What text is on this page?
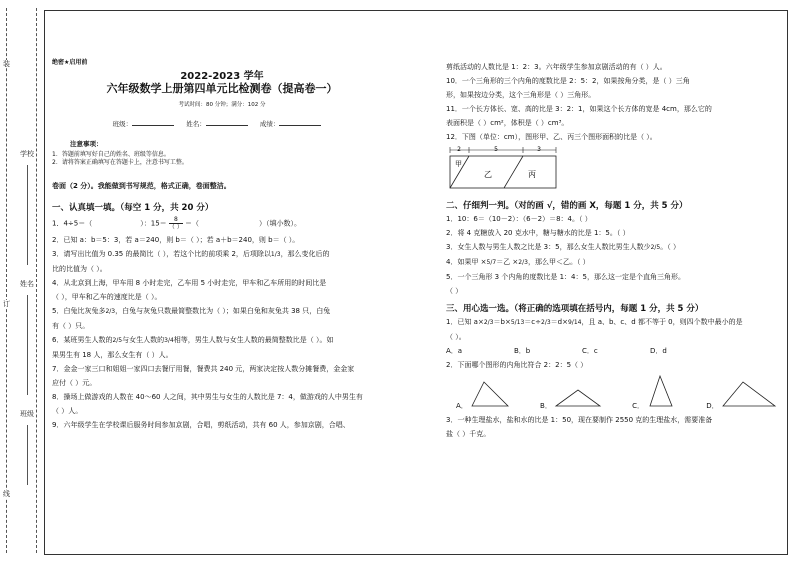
装
订
线
学校
姓名
班级
绝密★启用前
2022-2023 学年
六年级数学上册第四单元比检测卷（提高卷一）
考试时间：80 分钟；满分：102 分
班级：	姓名：	成绩：
注意事项：
1．答题前填写好自己的姓名、班级等信息。
2．请将答案正确填写在答题卡上，注意书写工整。
卷面（2 分）。我能做到书写规范，格式正确，卷面整洁。
一、认真填一填。（每空 1 分，共 20 分）
1．4÷5＝（	）：15＝	8
（ ） ＝（	）（填小数）。
2．已知 a：b＝5：3，若 a＝240，则 b＝（ ）；若 a＋b＝240，则 b＝（ ）。
3．请写出比值为 0.35 的最简比（ ），若这个比的前项乘 2，后项除以1/3，那么变化后的
比的比值为（ ）。
4．从北京到上海，甲车用 8 小时走完，乙车用 5 小时走完，甲车和乙车所用的时间比是
（ ），甲车和乙车的速度比是（ ）。
5．白兔比灰兔多2/3，白兔与灰兔只数最简整数比为（ ）；如果白兔和灰兔共 38 只，白兔
有（ ）只。
6．某班男生人数的2/5与女生人数的3/4相等，男生人数与女生人数的最简整数比是（ ）。如
果男生有 18 人，那么女生有（ ）人。
7．金金一家三口和姐姐一家四口去餐厅用餐，餐费共 240 元，两家决定按人数分摊餐费，金金家
应付（ ）元。
8．操场上做游戏的人数在 40～60 人之间，其中男生与女生的人数比是 7：4，做游戏的人中男生有
（ ）人。
9．六年级学生在学校课后服务时间参加京剧，合唱，剪纸活动，共有 60 人，参加京剧，合唱、
剪纸活动的人数比是 1：2：3。六年级学生参加京剧活动的有（ ）人。
10．一个三角形的三个内角的度数比是 2：5：2，如果按角分类，是（ ）三角
形，如果按边分类，这个三角形是（ ）三角形。
11．一个长方体长、宽、高的比是 3：2：1，如果这个长方体的宽是 4cm，那么它的
表面积是（ ）cm²，体积是（ ）cm³。
12．下图（单位：cm），图形甲、乙、丙三个图形面积的比是（ ）。
2	5	3
甲
乙	丙
二、仔细判一判。（对的画 √，错的画 X，每题 1 分，共 5 分）
1．10：6＝（10－2）：（6－2）＝8：4。（ ）
2．将 4 克糖放入 20 克水中，糖与糖水的比是 1：5。（ ）
3．女生人数与男生人数之比是 3：5，那么女生人数比男生人数少2/5。（ ）
4．如果甲 ×5/7＝乙 ×2/3，那么甲＜乙。（ ）
5．一个三角形 3 个内角的度数比是 1：4：5，那么这一定是个直角三角形。
（ ）
三、用心选一选。（将正确的选项填在括号内，每题 1 分，共 5 分）
1．已知 a×2/3＝b×5/13＝c÷2/3＝d×9/14，且 a、b、c、d 都不等于 0，则四个数中最小的是
（ ）。
A．a	B．b	C．c	D．d
2．下面哪个图形的内角比符合 2：2：5（ ）
A．	B．	C．	D．
3．一种生理盐水，盐和水的比是 1：50，现在要制作 2550 克的生理盐水，需要准备
盐（ ）千克。
